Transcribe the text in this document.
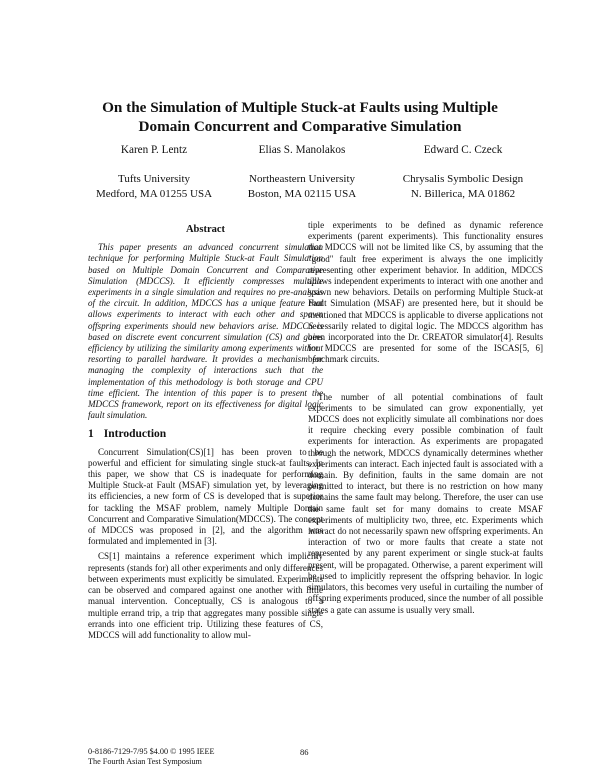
On the Simulation of Multiple Stuck-at Faults using Multiple
Domain Concurrent and Comparative Simulation
Karen P. Lentz
Tufts University
Medford, MA 01255 USA
Elias S. Manolakos
Northeastern University
Boston, MA 02115 USA
Edward C. Czeck
Chrysalis Symbolic Design
N. Billerica, MA 01862
Abstract

This paper presents an advanced concurrent simulation technique for performing Multiple Stuck-at Fault Simulation based on Multiple Domain Concurrent and Comparative Simulation (MDCCS). It efficiently compresses multiple experiments in a single simulation and requires no pre-analysis of the circuit. In addition, MDCCS has a unique feature that allows experiments to interact with each other and spawn offspring experiments should new behaviors arise. MDCCS is based on discrete event concurrent simulation (CS) and gains efficiency by utilizing the similarity among experiments without resorting to parallel hardware. It provides a mechanism for managing the complexity of interactions such that the implementation of this methodology is both storage and CPU time efficient. The intention of this paper is to present the MDCCS framework, report on its effectiveness for digital logic fault simulation.

1 Introduction

Concurrent Simulation(CS)[1] has been proven to be powerful and efficient for simulating single stuck-at faults. In this paper, we show that CS is inadequate for performing Multiple Stuck-at Fault (MSAF) simulation yet, by leveraging its efficiencies, a new form of CS is developed that is superior for tackling the MSAF problem, namely Multiple Domain Concurrent and Comparative Simulation(MDCCS). The concept of MDCCS was proposed in [2], and the algorithm was formulated and implemented in [3].

CS[1] maintains a reference experiment which implicitly represents (stands for) all other experiments and only differences between experiments must explicitly be simulated. Experiments can be observed and compared against one another with little manual intervention. Conceptually, CS is analogous to a multiple errand trip, a trip that aggregates many possible single errands into one efficient trip. Utilizing these features of CS, MDCCS will add functionality to allow mul-

tiple experiments to be defined as dynamic reference experiments (parent experiments). This functionality ensures that MDCCS will not be limited like CS, by assuming that the "good" fault free experiment is always the one implicitly representing other experiment behavior. In addition, MDCCS allows independent experiments to interact with one another and spawn new behaviors. Details on performing Multiple Stuck-at Fault Simulation (MSAF) are presented here, but it should be mentioned that MDCCS is applicable to diverse applications not necessarily related to digital logic. The MDCCS algorithm has been incorporated into the Dr. CREATOR simulator[4]. Results for MDCCS are presented for some of the ISCAS[5, 6] benchmark circuits.

The number of all potential combinations of fault experiments to be simulated can grow exponentially, yet MDCCS does not explicitly simulate all combinations nor does it require checking every possible combination of fault experiments for interaction. As experiments are propagated through the network, MDCCS dynamically determines whether experiments can interact. Each injected fault is associated with a domain. By definition, faults in the same domain are not permitted to interact, but there is no restriction on how many domains the same fault may belong. Therefore, the user can use the same fault set for many domains to create MSAF experiments of multiplicity two, three, etc. Experiments which interact do not necessarily spawn new offspring experiments. An interaction of two or more faults that create a state not represented by any parent experiment or single stuck-at faults present, will be propagated. Otherwise, a parent experiment will be used to implicitly represent the offspring behavior. In logic simulators, this becomes very useful in curtailing the number of offspring experiments produced, since the number of all possible states a gate can assume is usually very small.

0-8186-7129-7/95 $4.00 © 1995 IEEE
The Fourth Asian Test Symposium
86
